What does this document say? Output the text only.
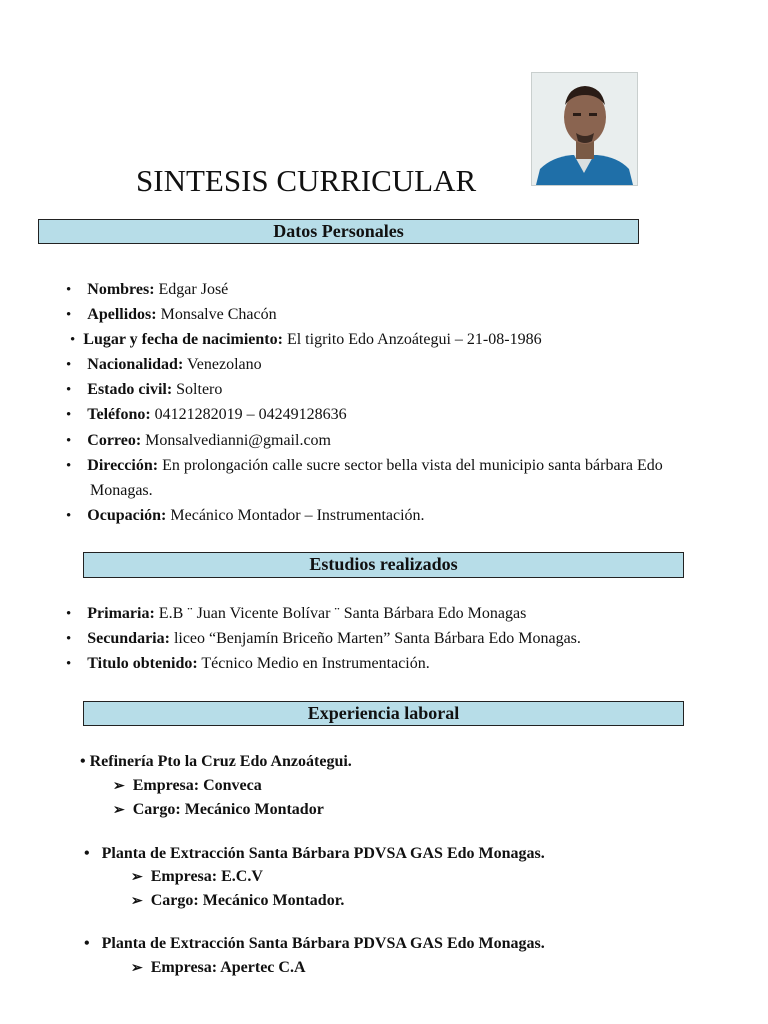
SINTESIS CURRICULAR
Datos Personales
• Nombres: Edgar José
• Apellidos: Monsalve Chacón
• Lugar y fecha de nacimiento: El tigrito Edo Anzoátegui – 21-08-1986
• Nacionalidad: Venezolano
• Estado civil: Soltero
• Teléfono: 04121282019 – 04249128636
• Correo: Monsalvedianni@gmail.com
• Dirección: En prolongación calle sucre sector bella vista del municipio santa bárbara Edo
Monagas.
• Ocupación: Mecánico Montador – Instrumentación.
Estudios realizados
• Primaria: E.B ¨ Juan Vicente Bolívar ¨ Santa Bárbara Edo Monagas
• Secundaria: liceo “Benjamín Briceño Marten” Santa Bárbara Edo Monagas.
• Titulo obtenido: Técnico Medio en Instrumentación.
Experiencia laboral
• Refinería Pto la Cruz Edo Anzoátegui.
➢ Empresa: Conveca
➢ Cargo: Mecánico Montador
• Planta de Extracción Santa Bárbara PDVSA GAS Edo Monagas.
➢ Empresa: E.C.V
➢ Cargo: Mecánico Montador.
• Planta de Extracción Santa Bárbara PDVSA GAS Edo Monagas.
➢ Empresa: Apertec C.A
